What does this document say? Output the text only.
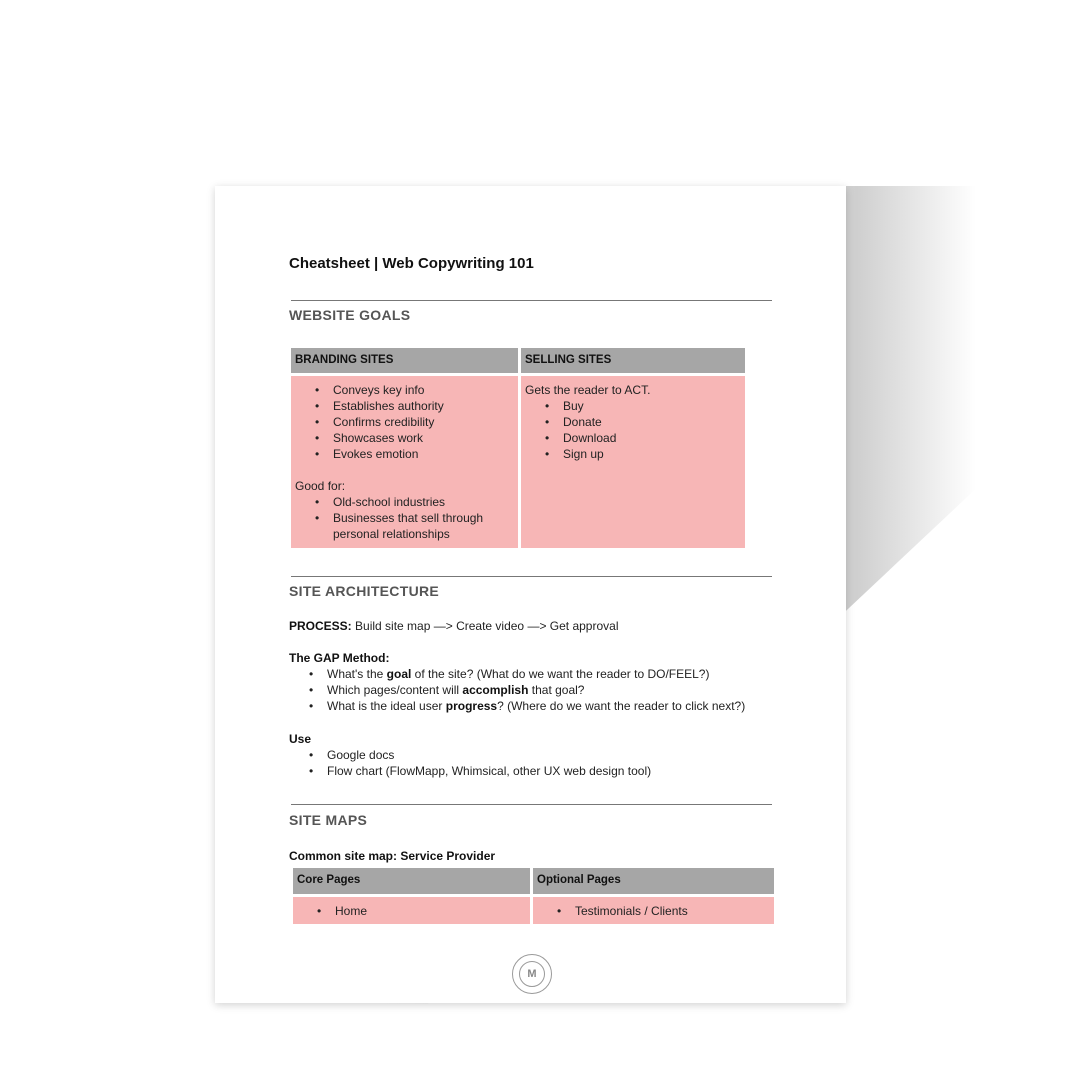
Cheatsheet | Web Copywriting 101
WEBSITE GOALS
BRANDING SITES	SELLING SITES
• Conveys key info
• Establishes authority
• Confirms credibility
• Showcases work
• Evokes emotion
Good for:
• Old-school industries
• Businesses that sell through personal relationships
Gets the reader to ACT.
• Buy
• Donate
• Download
• Sign up
SITE ARCHITECTURE
PROCESS: Build site map —> Create video —> Get approval
The GAP Method:
• What's the goal of the site? (What do we want the reader to DO/FEEL?)
• Which pages/content will accomplish that goal?
• What is the ideal user progress? (Where do we want the reader to click next?)
Use
• Google docs
• Flow chart (FlowMapp, Whimsical, other UX web design tool)
SITE MAPS
Common site map: Service Provider
Core Pages	Optional Pages
• Home
•	Testimonials / Clients
M
